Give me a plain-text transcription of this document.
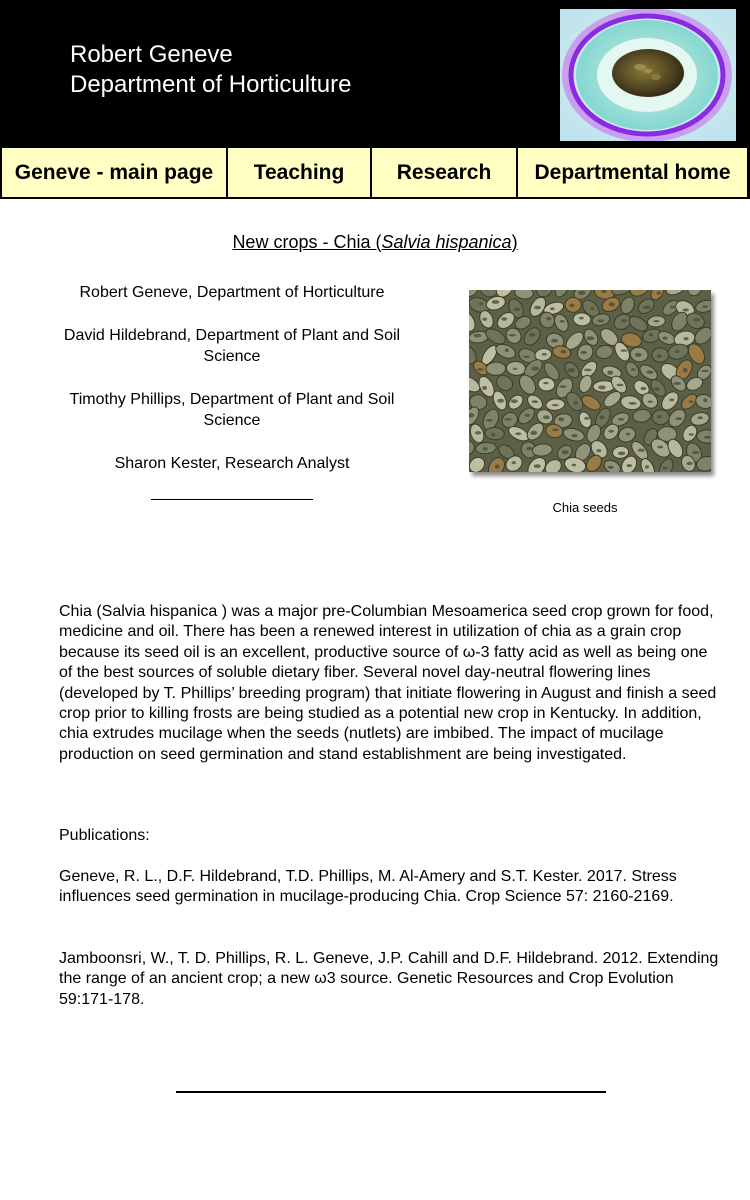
Robert Geneve
Department of Horticulture
Geneve - main page	Teaching	Research	Departmental home
New crops - Chia (Salvia hispanica)

Robert Geneve, Department of Horticulture

David Hildebrand, Department of Plant and Soil Science

Timothy Phillips, Department of Plant and Soil Science

Sharon Kester, Research Analyst

Chia seeds
Chia (Salvia hispanica ) was a major pre-Columbian Mesoamerica seed crop grown for food, medicine and oil. There has been a renewed interest in utilization of chia as a grain crop because its seed oil is an excellent, productive source of ω-3 fatty acid as well as being one of the best sources of soluble dietary fiber. Several novel day-neutral flowering lines (developed by T. Phillips’ breeding program) that initiate flowering in August and finish a seed crop prior to killing frosts are being studied as a potential new crop in Kentucky. In addition, chia extrudes mucilage when the seeds (nutlets) are imbibed. The impact of mucilage production on seed germination and stand establishment are being investigated.
Publications:
Geneve, R. L., D.F. Hildebrand, T.D. Phillips, M. Al-Amery and S.T. Kester. 2017. Stress influences seed germination in mucilage-producing Chia. Crop Science 57: 2160-2169.
Jamboonsri, W., T. D. Phillips, R. L. Geneve, J.P. Cahill and D.F. Hildebrand. 2012. Extending the range of an ancient crop; a new ω3 source. Genetic Resources and Crop Evolution 59:171-178.
